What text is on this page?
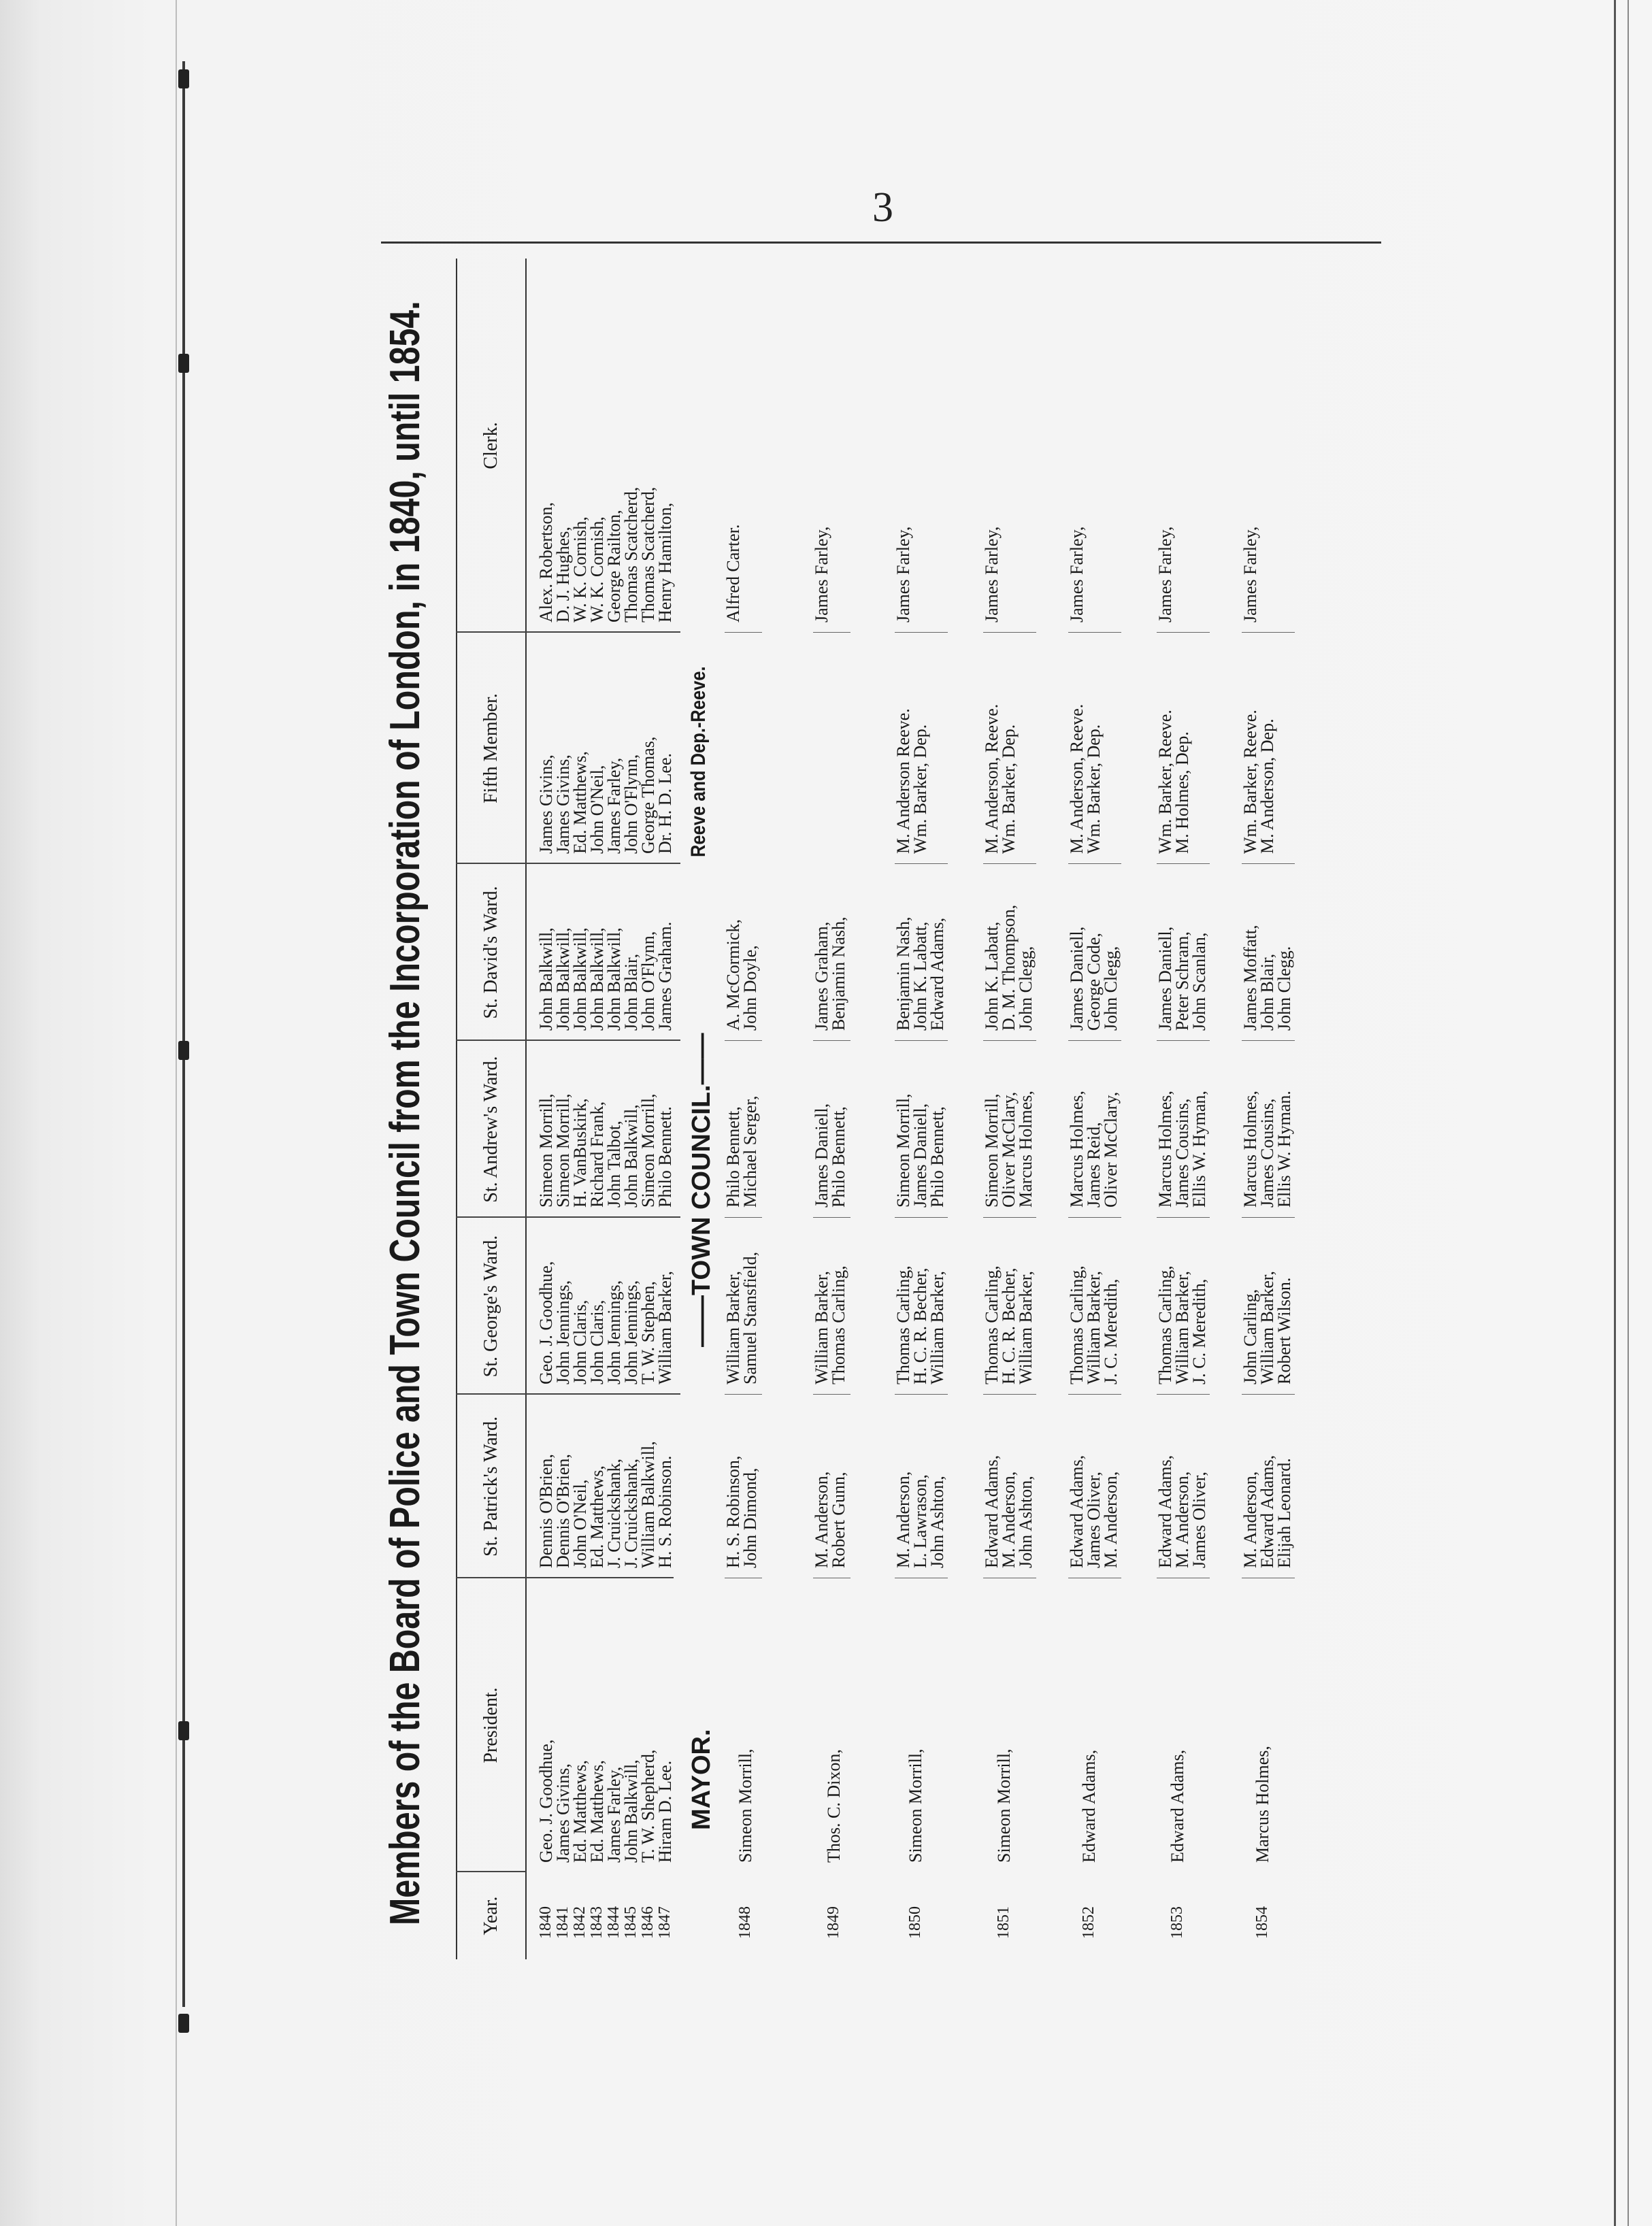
3
Members of the Board of Police and Town Council from the Incorporation of London, in 1840, until 1854.	Year.
President.
St. Patrick's Ward.
St. George's Ward.
St. Andrew's Ward.
St. David's Ward.
Fifth Member.
Clerk.
1840 1841 1842 1843 1844 1845 1846 1847
Geo. J. Goodhue,
James Givins,
Ed. Matthews,
Ed. Matthews,
James Farley,
John Balkwill,
T. W. Shepherd,
Hiram D. Lee.
Dennis O'Brien,
Dennis O'Brien,
John O'Neil,
Ed. Matthews,
J. Cruickshank,
J. Cruickshank,
William Balkwill,
H. S. Robinson.
Geo. J. Goodhue,
John Jennings,
John Claris,
John Claris,
John Jennings,
John Jennings,
T. W. Stephen,
William Barker,
Simeon Morrill,
Simeon Morrill,
H. VanBuskirk,
Richard Frank,
John Talbot,
John Balkwill,
Simeon Morrill,
Philo Bennett.
John Balkwill,
John Balkwill,
John Balkwill,
John Balkwill,
John Balkwill,
John Blair,
John O'Flynn,
James Graham.
James Givins,
James Givins,
Ed. Matthews,
John O'Neil,
James Farley,
John O'Flynn,
George Thomas,
Dr. H. D. Lee.
Alex. Robertson,
D. J. Hughes,
W. K. Cornish,
W. K. Cornish,
George Railton,
Thomas Scatcherd,
Thomas Scatcherd,
Henry Hamilton,
MAYOR.
——TOWN COUNCIL.——
Reeve and Dep.-Reeve.
1848
Simeon Morrill,
H. S. Robinson,
John Dimond,
William Barker,
Samuel Stansfield,
Philo Bennett,
Michael Serger,
A. McCormick,
John Doyle,
Alfred Carter.
1849
Thos. C. Dixon,
M. Anderson,
Robert Gunn,
William Barker,
Thomas Carling,
James Daniell,
Philo Bennett,
James Graham,
Benjamin Nash,
James Farley,
1850
Simeon Morrill,
M. Anderson,
L. Lawrason,
John Ashton,
Thomas Carling,
H. C. R. Becher,
William Barker,
Simeon Morrill,
James Daniell,
Philo Bennett,
Benjamin Nash,
John K. Labatt,
Edward Adams,
M. Anderson Reeve.
Wm. Barker, Dep.
James Farley,
1851
Simeon Morrill,
Edward Adams,
M. Anderson,
John Ashton,
Thomas Carling,
H. C. R. Becher,
William Barker,
Simeon Morrill,
Oliver McClary,
Marcus Holmes,
John K. Labatt,
D. M. Thompson,
John Clegg,
M. Anderson, Reeve.
Wm. Barker, Dep.
James Farley,
1852
Edward Adams,
Edward Adams,
James Oliver,
M. Anderson,
Thomas Carling,
William Barker,
J. C. Meredith,
Marcus Holmes,
James Reid,
Oliver McClary,
James Daniell,
George Code,
John Clegg,
M. Anderson, Reeve.
Wm. Barker, Dep.
James Farley,
1853
Edward Adams,
Edward Adams,
M. Anderson,
James Oliver,
Thomas Carling,
William Barker,
J. C. Meredith,
Marcus Holmes,
James Cousins,
Ellis W. Hyman,
James Daniell,
Peter Schram,
John Scanlan,
Wm. Barker, Reeve.
M. Holmes, Dep.
James Farley,
1854
Marcus Holmes,
M. Anderson,
Edward Adams,
Elijah Leonard.
John Carling,
William Barker,
Robert Wilson.
Marcus Holmes,
James Cousins,
Ellis W. Hyman.
James Moffatt,
John Blair,
John Clegg.
Wm. Barker, Reeve.
M. Anderson, Dep.
James Farley,
